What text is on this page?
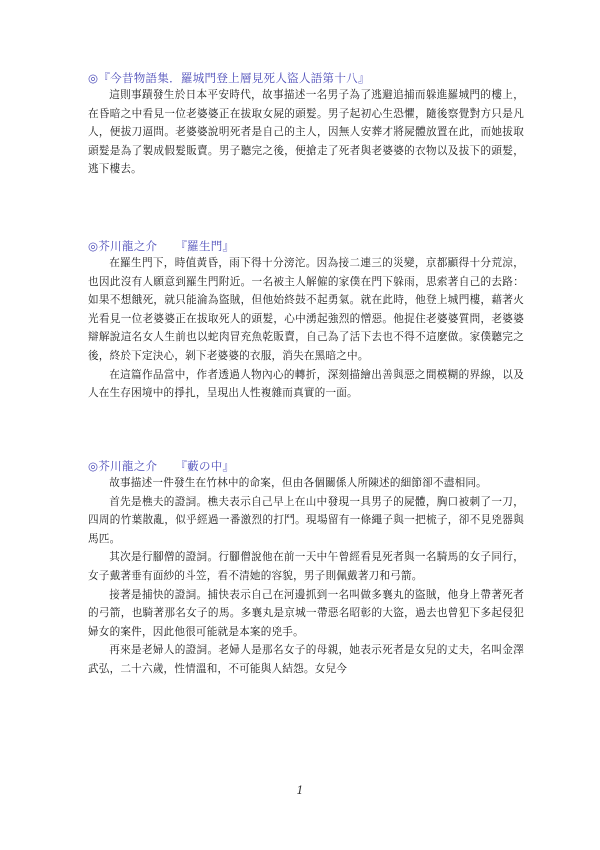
◎『今昔物語集．羅城門登上層見死人盜人語第十八』

這則事蹟發生於日本平安時代，故事描述一名男子為了逃避追捕而躲進羅城門的樓上，在昏暗之中看見一位老婆婆正在拔取女屍的頭髮。男子起初心生恐懼，隨後察覺對方只是凡人，便拔刀逼問。老婆婆說明死者是自己的主人，因無人安葬才將屍體放置在此，而她拔取頭髮是為了製成假髮販賣。男子聽完之後，便搶走了死者與老婆婆的衣物以及拔下的頭髮，逃下樓去。

◎芥川龍之介 『羅生門』

在羅生門下，時值黃昏，雨下得十分滂沱。因為接二連三的災變，京都顯得十分荒涼，也因此沒有人願意到羅生門附近。一名被主人解僱的家僕在門下躲雨，思索著自己的去路：如果不想餓死，就只能淪為盜賊，但他始終鼓不起勇氣。就在此時，他登上城門樓，藉著火光看見一位老婆婆正在拔取死人的頭髮，心中湧起強烈的憎惡。他捉住老婆婆質問，老婆婆辯解說這名女人生前也以蛇肉冒充魚乾販賣，自己為了活下去也不得不這麼做。家僕聽完之後，終於下定決心，剝下老婆婆的衣服，消失在黑暗之中。

在這篇作品當中，作者透過人物內心的轉折，深刻描繪出善與惡之間模糊的界線，以及人在生存困境中的掙扎，呈現出人性複雜而真實的一面。

◎芥川龍之介 『藪の中』

故事描述一件發生在竹林中的命案，但由各個關係人所陳述的細節卻不盡相同。

首先是樵夫的證詞。樵夫表示自己早上在山中發現一具男子的屍體，胸口被刺了一刀，四周的竹葉散亂，似乎經過一番激烈的打鬥。現場留有一條繩子與一把梳子，卻不見兇器與馬匹。

其次是行腳僧的證詞。行腳僧說他在前一天中午曾經看見死者與一名騎馬的女子同行，女子戴著垂有面紗的斗笠，看不清她的容貌，男子則佩戴著刀和弓箭。

接著是捕快的證詞。捕快表示自己在河邊抓到一名叫做多襄丸的盜賊，他身上帶著死者的弓箭，也騎著那名女子的馬。多襄丸是京城一帶惡名昭彰的大盜，過去也曾犯下多起侵犯婦女的案件，因此他很可能就是本案的兇手。

再來是老婦人的證詞。老婦人是那名女子的母親，她表示死者是女兒的丈夫，名叫金澤武弘，二十六歲，性情溫和，不可能與人結怨。女兒今

1
